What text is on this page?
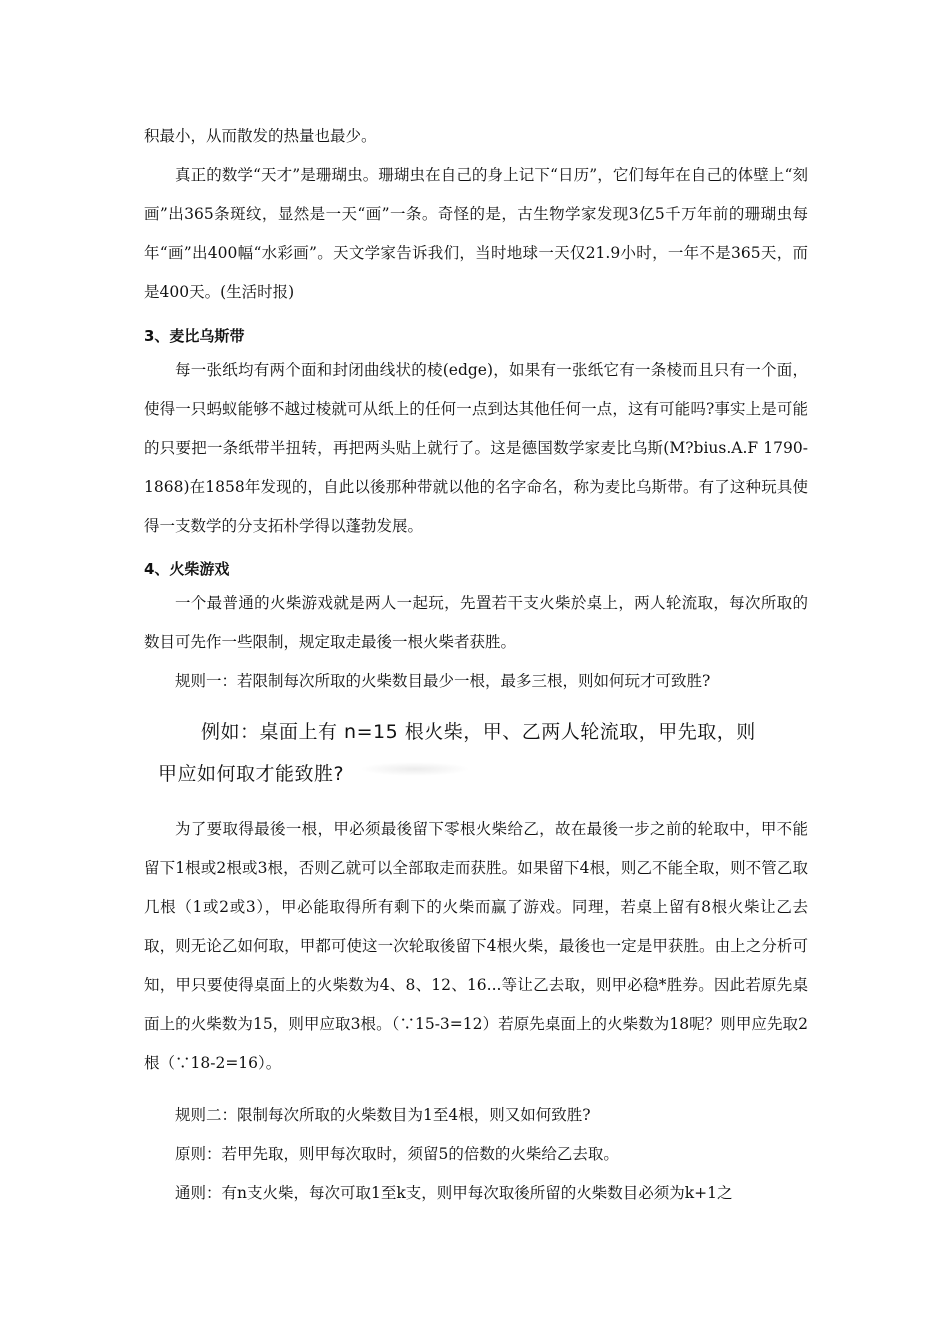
积最小，从而散发的热量也最少。

真正的数学“天才”是珊瑚虫。珊瑚虫在自己的身上记下“日历”，它们每年在自己的体壁上“刻画”出365条斑纹，显然是一天“画”一条。奇怪的是，古生物学家发现3亿5千万年前的珊瑚虫每年“画”出400幅“水彩画”。天文学家告诉我们，当时地球一天仅21.9小时，一年不是365天，而是400天。(生活时报)

3、麦比乌斯带

每一张纸均有两个面和封闭曲线状的棱(edge)，如果有一张纸它有一条棱而且只有一个面，使得一只蚂蚁能够不越过棱就可从纸上的任何一点到达其他任何一点，这有可能吗?事实上是可能的只要把一条纸带半扭转，再把两头贴上就行了。这是德国数学家麦比乌斯(M?bius.A.F 1790-1868)在1858年发现的，自此以後那种带就以他的名字命名，称为麦比乌斯带。有了这种玩具使得一支数学的分支拓朴学得以蓬勃发展。

4、火柴游戏

一个最普通的火柴游戏就是两人一起玩，先置若干支火柴於桌上，两人轮流取，每次所取的数目可先作一些限制，规定取走最後一根火柴者获胜。

规则一：若限制每次所取的火柴数目最少一根，最多三根，则如何玩才可致胜?

例如：桌面上有 n=15 根火柴，甲、乙两人轮流取，甲先取，则
甲应如何取才能致胜?

为了要取得最後一根，甲必须最後留下零根火柴给乙，故在最後一步之前的轮取中，甲不能留下1根或2根或3根，否则乙就可以全部取走而获胜。如果留下4根，则乙不能全取，则不管乙取几根（1或2或3），甲必能取得所有剩下的火柴而赢了游戏。同理，若桌上留有8根火柴让乙去取，则无论乙如何取，甲都可使这一次轮取後留下4根火柴，最後也一定是甲获胜。由上之分析可知，甲只要使得桌面上的火柴数为4、8、12、16...等让乙去取，则甲必稳*胜券。因此若原先桌面上的火柴数为15，则甲应取3根。（∵15-3=12）若原先桌面上的火柴数为18呢？则甲应先取2根（∵18-2=16）。

规则二：限制每次所取的火柴数目为1至4根，则又如何致胜?

原则：若甲先取，则甲每次取时，须留5的倍数的火柴给乙去取。

通则：有n支火柴，每次可取1至k支，则甲每次取後所留的火柴数目必须为k+1之
